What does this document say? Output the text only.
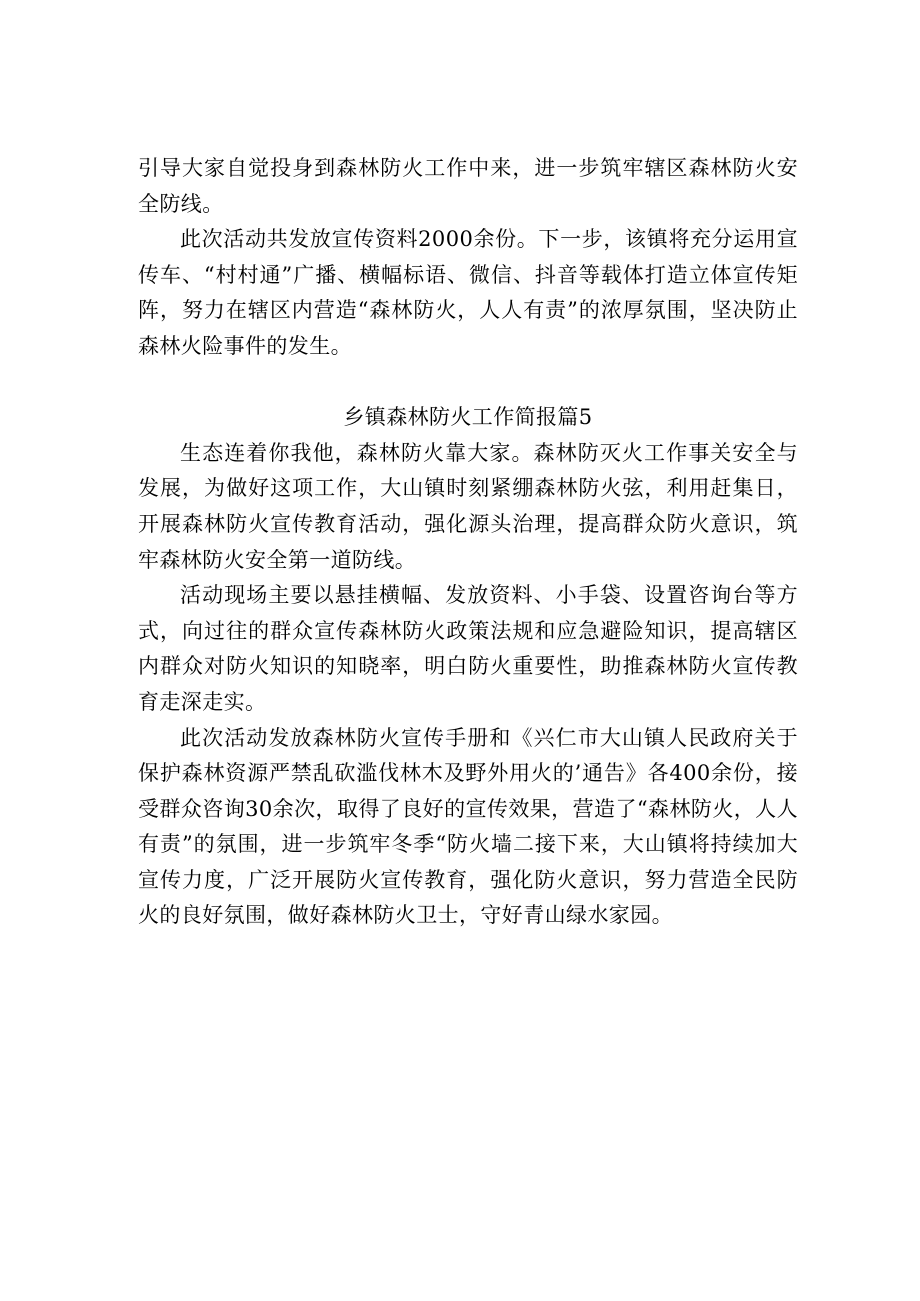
引导大家自觉投身到森林防火工作中来，进一步筑牢辖区森林防火安全防线。

此次活动共发放宣传资料2000余份。下一步，该镇将充分运用宣传车、“村村通”广播、横幅标语、微信、抖音等载体打造立体宣传矩阵，努力在辖区内营造“森林防火，人人有责”的浓厚氛围，坚决防止森林火险事件的发生。

乡镇森林防火工作简报篇5

生态连着你我他，森林防火靠大家。森林防灭火工作事关安全与发展，为做好这项工作，大山镇时刻紧绷森林防火弦，利用赶集日，开展森林防火宣传教育活动，强化源头治理，提高群众防火意识，筑牢森林防火安全第一道防线。

活动现场主要以悬挂横幅、发放资料、小手袋、设置咨询台等方式，向过往的群众宣传森林防火政策法规和应急避险知识，提高辖区内群众对防火知识的知晓率，明白防火重要性，助推森林防火宣传教育走深走实。

此次活动发放森林防火宣传手册和《兴仁市大山镇人民政府关于保护森林资源严禁乱砍滥伐林木及野外用火的’通告》各400余份，接受群众咨询30余次，取得了良好的宣传效果，营造了“森林防火，人人有责”的氛围，进一步筑牢冬季“防火墙二接下来，大山镇将持续加大宣传力度，广泛开展防火宣传教育，强化防火意识，努力营造全民防火的良好氛围，做好森林防火卫士，守好青山绿水家园。
